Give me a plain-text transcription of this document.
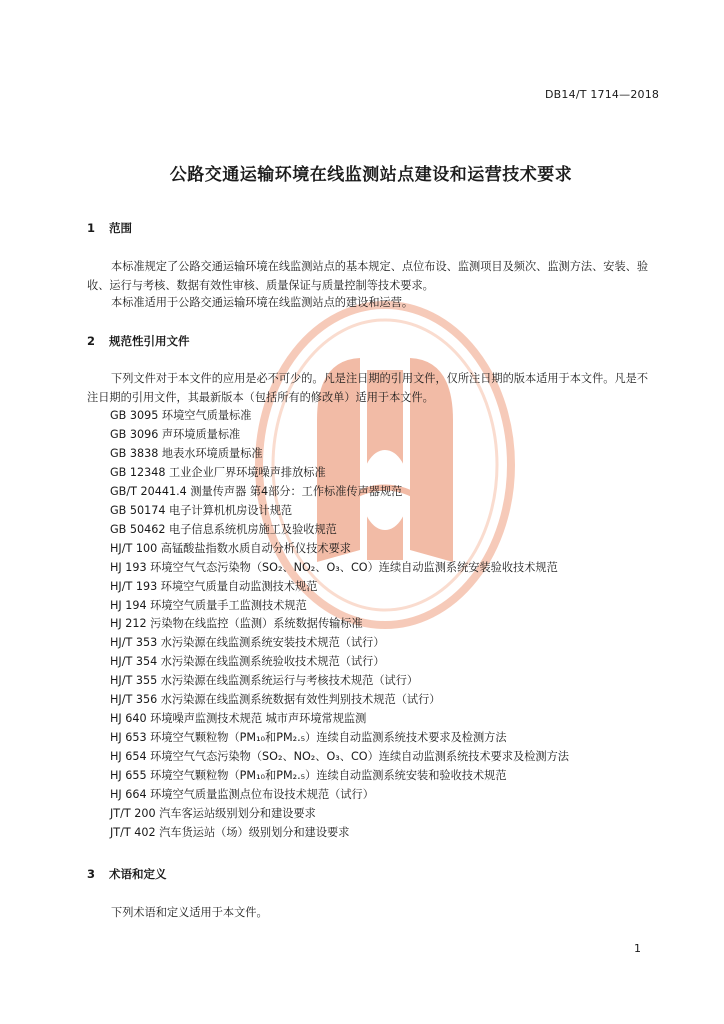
DB14/T 1714—2018
公路交通运输环境在线监测站点建设和运营技术要求
1 范围
本标准规定了公路交通运输环境在线监测站点的基本规定、点位布设、监测项目及频次、监测方法、安装、验收、运行与考核、数据有效性审核、质量保证与质量控制等技术要求。
本标准适用于公路交通运输环境在线监测站点的建设和运营。
2 规范性引用文件
下列文件对于本文件的应用是必不可少的。凡是注日期的引用文件，仅所注日期的版本适用于本文件。凡是不注日期的引用文件，其最新版本（包括所有的修改单）适用于本文件。
GB 3095 环境空气质量标准
GB 3096 声环境质量标准
GB 3838 地表水环境质量标准
GB 12348 工业企业厂界环境噪声排放标准
GB/T 20441.4 测量传声器 第4部分：工作标准传声器规范
GB 50174 电子计算机机房设计规范
GB 50462 电子信息系统机房施工及验收规范
HJ/T 100 高锰酸盐指数水质自动分析仪技术要求
HJ 193 环境空气气态污染物（SO₂、NO₂、O₃、CO）连续自动监测系统安装验收技术规范
HJ/T 193 环境空气质量自动监测技术规范
HJ 194 环境空气质量手工监测技术规范
HJ 212 污染物在线监控（监测）系统数据传输标准
HJ/T 353 水污染源在线监测系统安装技术规范（试行）
HJ/T 354 水污染源在线监测系统验收技术规范（试行）
HJ/T 355 水污染源在线监测系统运行与考核技术规范（试行）
HJ/T 356 水污染源在线监测系统数据有效性判别技术规范（试行）
HJ 640 环境噪声监测技术规范 城市声环境常规监测
HJ 653 环境空气颗粒物（PM₁₀和PM₂.₅）连续自动监测系统技术要求及检测方法
HJ 654 环境空气气态污染物（SO₂、NO₂、O₃、CO）连续自动监测系统技术要求及检测方法
HJ 655 环境空气颗粒物（PM₁₀和PM₂.₅）连续自动监测系统安装和验收技术规范
HJ 664 环境空气质量监测点位布设技术规范（试行）
JT/T 200 汽车客运站级别划分和建设要求
JT/T 402 汽车货运站（场）级别划分和建设要求
3 术语和定义
下列术语和定义适用于本文件。
1
